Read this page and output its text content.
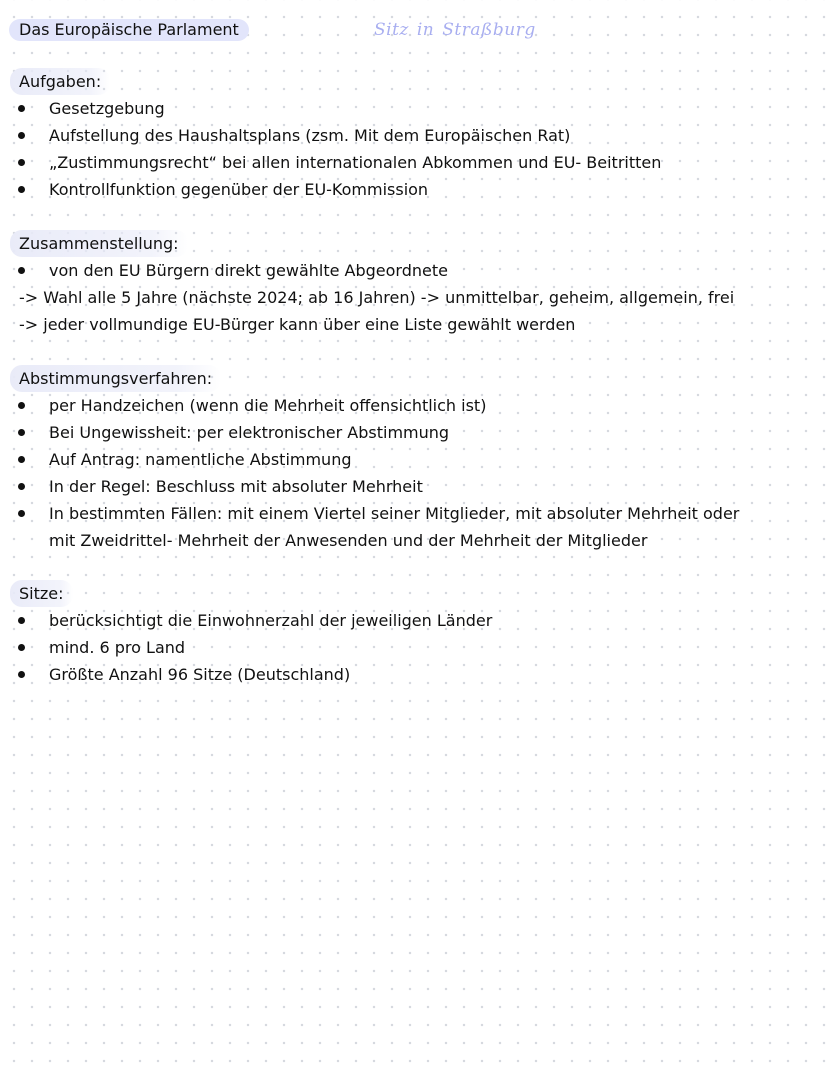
Das Europäische Parlament	Sitz in Straßburg
Aufgaben:
Gesetzgebung
Aufstellung des Haushaltsplans (zsm. Mit dem Europäischen Rat)
„Zustimmungsrecht“ bei allen internationalen Abkommen und EU- Beitritten
Kontrollfunktion gegenüber der EU-Kommission
Zusammenstellung:
von den EU Bürgern direkt gewählte Abgeordnete
-> Wahl alle 5 Jahre (nächste 2024; ab 16 Jahren) -> unmittelbar, geheim, allgemein, frei
-> jeder vollmundige EU-Bürger kann über eine Liste gewählt werden
Abstimmungsverfahren:
per Handzeichen (wenn die Mehrheit offensichtlich ist)
Bei Ungewissheit: per elektronischer Abstimmung
Auf Antrag: namentliche Abstimmung
In der Regel: Beschluss mit absoluter Mehrheit
In bestimmten Fällen: mit einem Viertel seiner Mitglieder, mit absoluter Mehrheit oder
mit Zweidrittel- Mehrheit der Anwesenden und der Mehrheit der Mitglieder
Sitze:
berücksichtigt die Einwohnerzahl der jeweiligen Länder
mind. 6 pro Land
Größte Anzahl 96 Sitze (Deutschland)
